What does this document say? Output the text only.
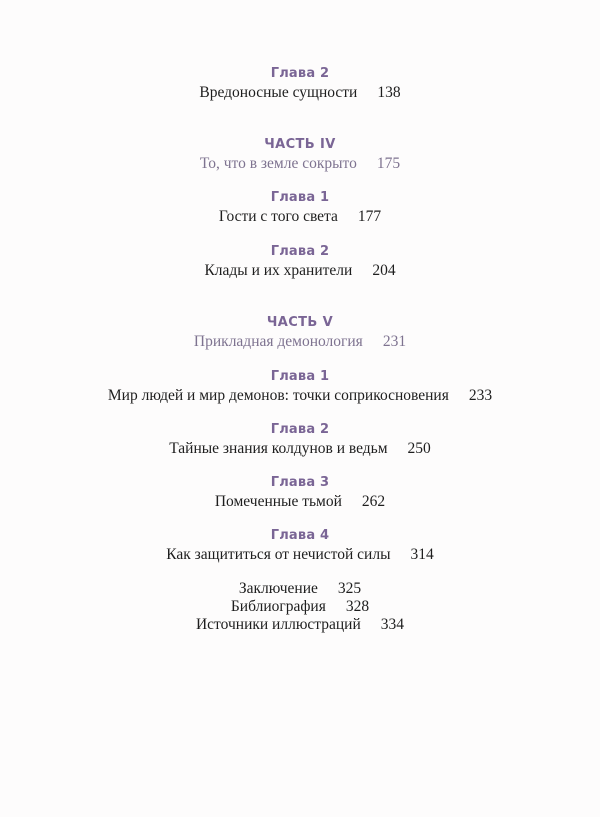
Глава 2
Вредоносные сущности 138
ЧАСТЬ IV
То, что в земле сокрыто 175
Глава 1
Гости с того света 177
Глава 2
Клады и их хранители 204
ЧАСТЬ V
Прикладная демонология 231
Глава 1
Мир людей и мир демонов: точки соприкосновения 233
Глава 2
Тайные знания колдунов и ведьм 250
Глава 3
Помеченные тьмой 262
Глава 4
Как защититься от нечистой силы 314
Заключение 325
Библиография 328
Источники иллюстраций 334
